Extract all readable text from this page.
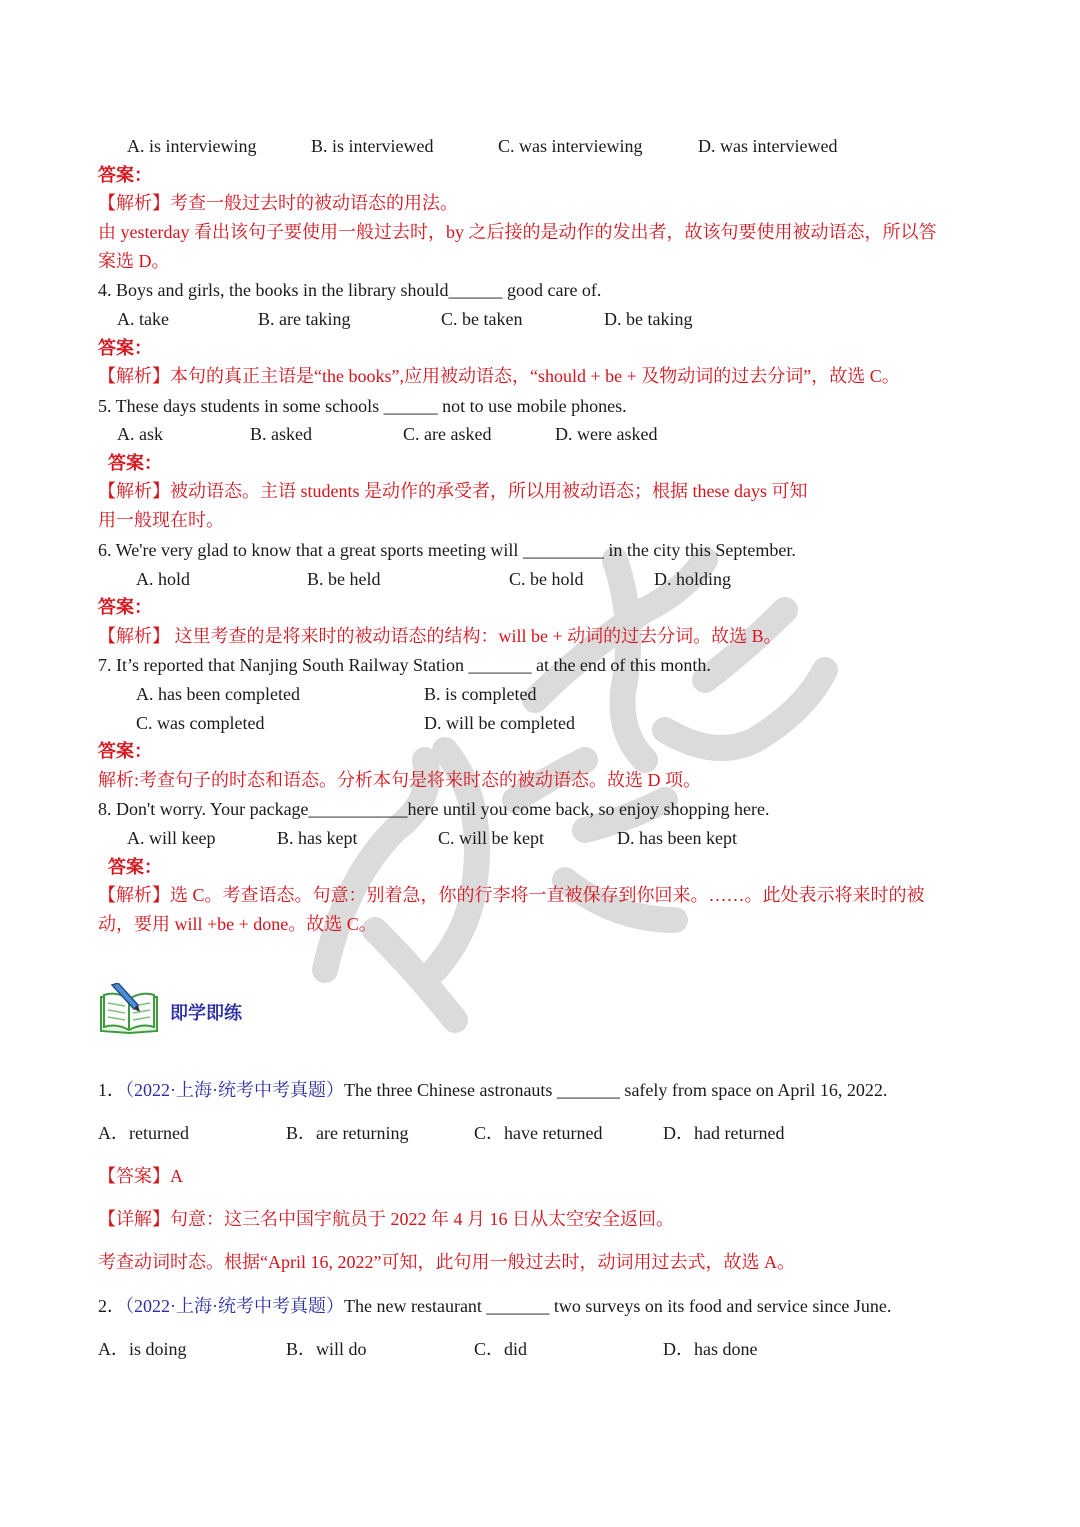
A. is interviewing	B. is interviewed	C. was interviewing	D. was interviewed
答案：
【解析】考查一般过去时的被动语态的用法。
由 yesterday 看出该句子要使用一般过去时，by 之后接的是动作的发出者，故该句要使用被动语态，所以答
案选 D。
4. Boys and girls, the books in the library should______ good care of.
A. take	B. are taking	C. be taken	D. be taking
答案：
【解析】本句的真正主语是“the books”,应用被动语态，“should + be + 及物动词的过去分词”，故选 C。
5. These days students in some schools ______ not to use mobile phones.
A. ask	B. asked	C. are asked	D. were asked
答案：
【解析】被动语态。主语 students 是动作的承受者，所以用被动语态；根据 these days 可知
用一般现在时。
6. We're very glad to know that a great sports meeting will _________ in the city this September.
A. hold	B. be held	C. be hold	D. holding
答案：
【解析】 这里考查的是将来时的被动语态的结构：will be + 动词的过去分词。故选 B。
7. It’s reported that Nanjing South Railway Station _______ at the end of this month.
A. has been completed	B. is completed
C. was completed	D. will be completed
答案：
解析:考查句子的时态和语态。分析本句是将来时态的被动语态。故选 D 项。
8. Don't worry. Your package___________here until you come back, so enjoy shopping here.
A. will keep	B. has kept	C. will be kept	D. has been kept
答案：
【解析】选 C。考查语态。句意：别着急，你的行李将一直被保存到你回来。……。此处表示将来时的被
动，要用 will +be + done。故选 C。
即学即练
1．（2022·上海·统考中考真题）The three Chinese astronauts _______ safely from space on April 16, 2022.
A．returned	B．are returning	C．have returned	D．had returned
【答案】A
【详解】句意：这三名中国宇航员于 2022 年 4 月 16 日从太空安全返回。
考查动词时态。根据“April 16, 2022”可知，此句用一般过去时，动词用过去式，故选 A。
2．（2022·上海·统考中考真题）The new restaurant _______ two surveys on its food and service since June.
A．is doing	B．will do	C．did	D．has done
